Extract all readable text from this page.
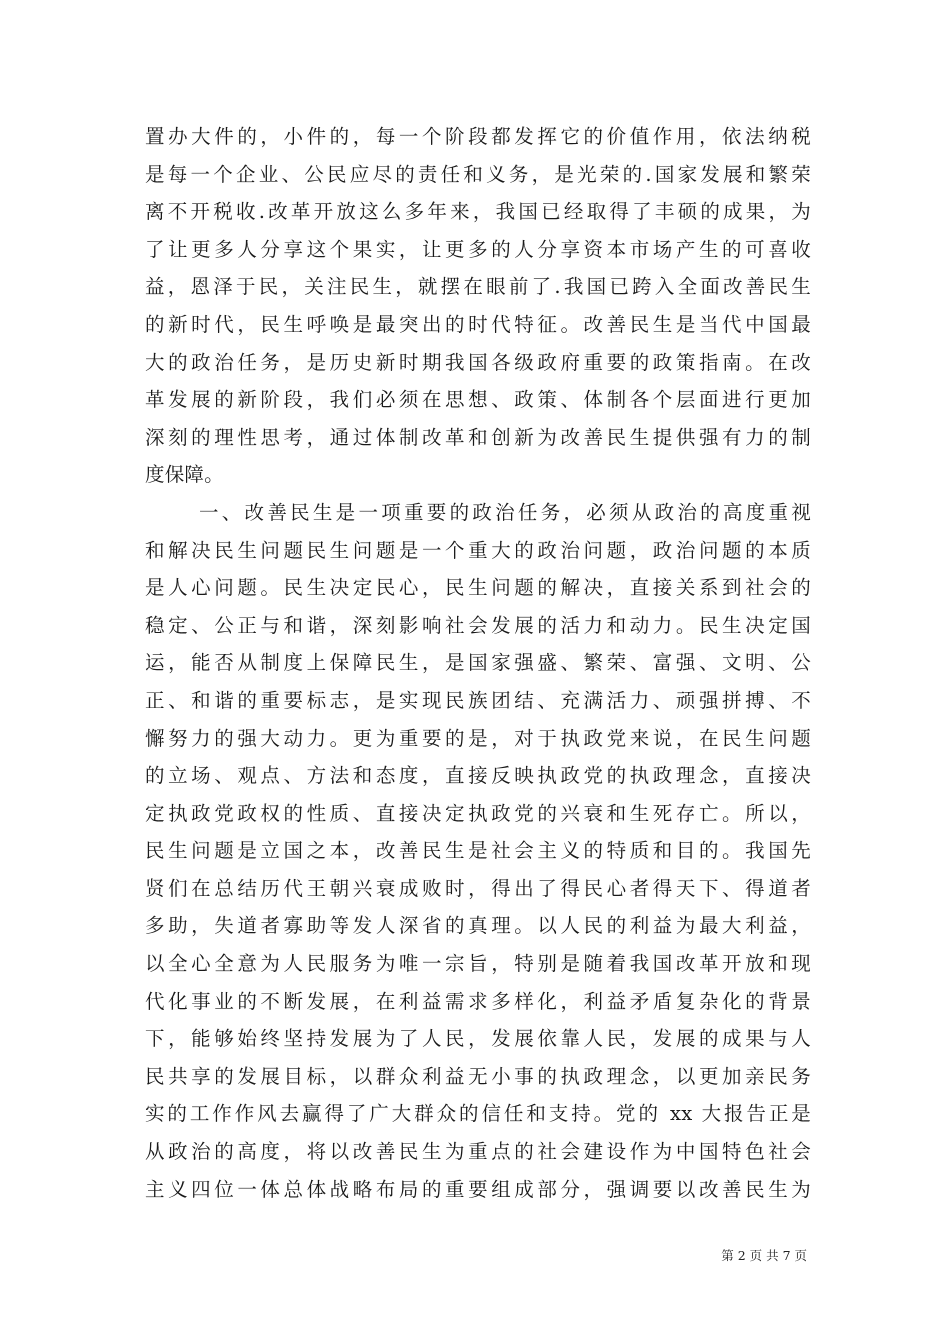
置办大件的，小件的，每一个阶段都发挥它的价值作用，依法纳税
是每一个企业、公民应尽的责任和义务，是光荣的.国家发展和繁荣
离不开税收.改革开放这么多年来，我国已经取得了丰硕的成果，为
了让更多人分享这个果实，让更多的人分享资本市场产生的可喜收
益，恩泽于民，关注民生，就摆在眼前了.我国已跨入全面改善民生
的新时代，民生呼唤是最突出的时代特征。改善民生是当代中国最
大的政治任务，是历史新时期我国各级政府重要的政策指南。在改
革发展的新阶段，我们必须在思想、政策、体制各个层面进行更加
深刻的理性思考，通过体制改革和创新为改善民生提供强有力的制
度保障。
一、改善民生是一项重要的政治任务，必须从政治的高度重视
和解决民生问题民生问题是一个重大的政治问题，政治问题的本质
是人心问题。民生决定民心，民生问题的解决，直接关系到社会的
稳定、公正与和谐，深刻影响社会发展的活力和动力。民生决定国
运，能否从制度上保障民生，是国家强盛、繁荣、富强、文明、公
正、和谐的重要标志，是实现民族团结、充满活力、顽强拼搏、不
懈努力的强大动力。更为重要的是，对于执政党来说，在民生问题
的立场、观点、方法和态度，直接反映执政党的执政理念，直接决
定执政党政权的性质、直接决定执政党的兴衰和生死存亡。所以，
民生问题是立国之本，改善民生是社会主义的特质和目的。我国先
贤们在总结历代王朝兴衰成败时，得出了得民心者得天下、得道者
多助，失道者寡助等发人深省的真理。以人民的利益为最大利益，
以全心全意为人民服务为唯一宗旨，特别是随着我国改革开放和现
代化事业的不断发展，在利益需求多样化，利益矛盾复杂化的背景
下，能够始终坚持发展为了人民，发展依靠人民，发展的成果与人
民共享的发展目标，以群众利益无小事的执政理念，以更加亲民务
实的工作作风去赢得了广大群众的信任和支持。党的 xx 大报告正是
从政治的高度，将以改善民生为重点的社会建设作为中国特色社会
主义四位一体总体战略布局的重要组成部分，强调要以改善民生为
第 2 页 共 7 页
